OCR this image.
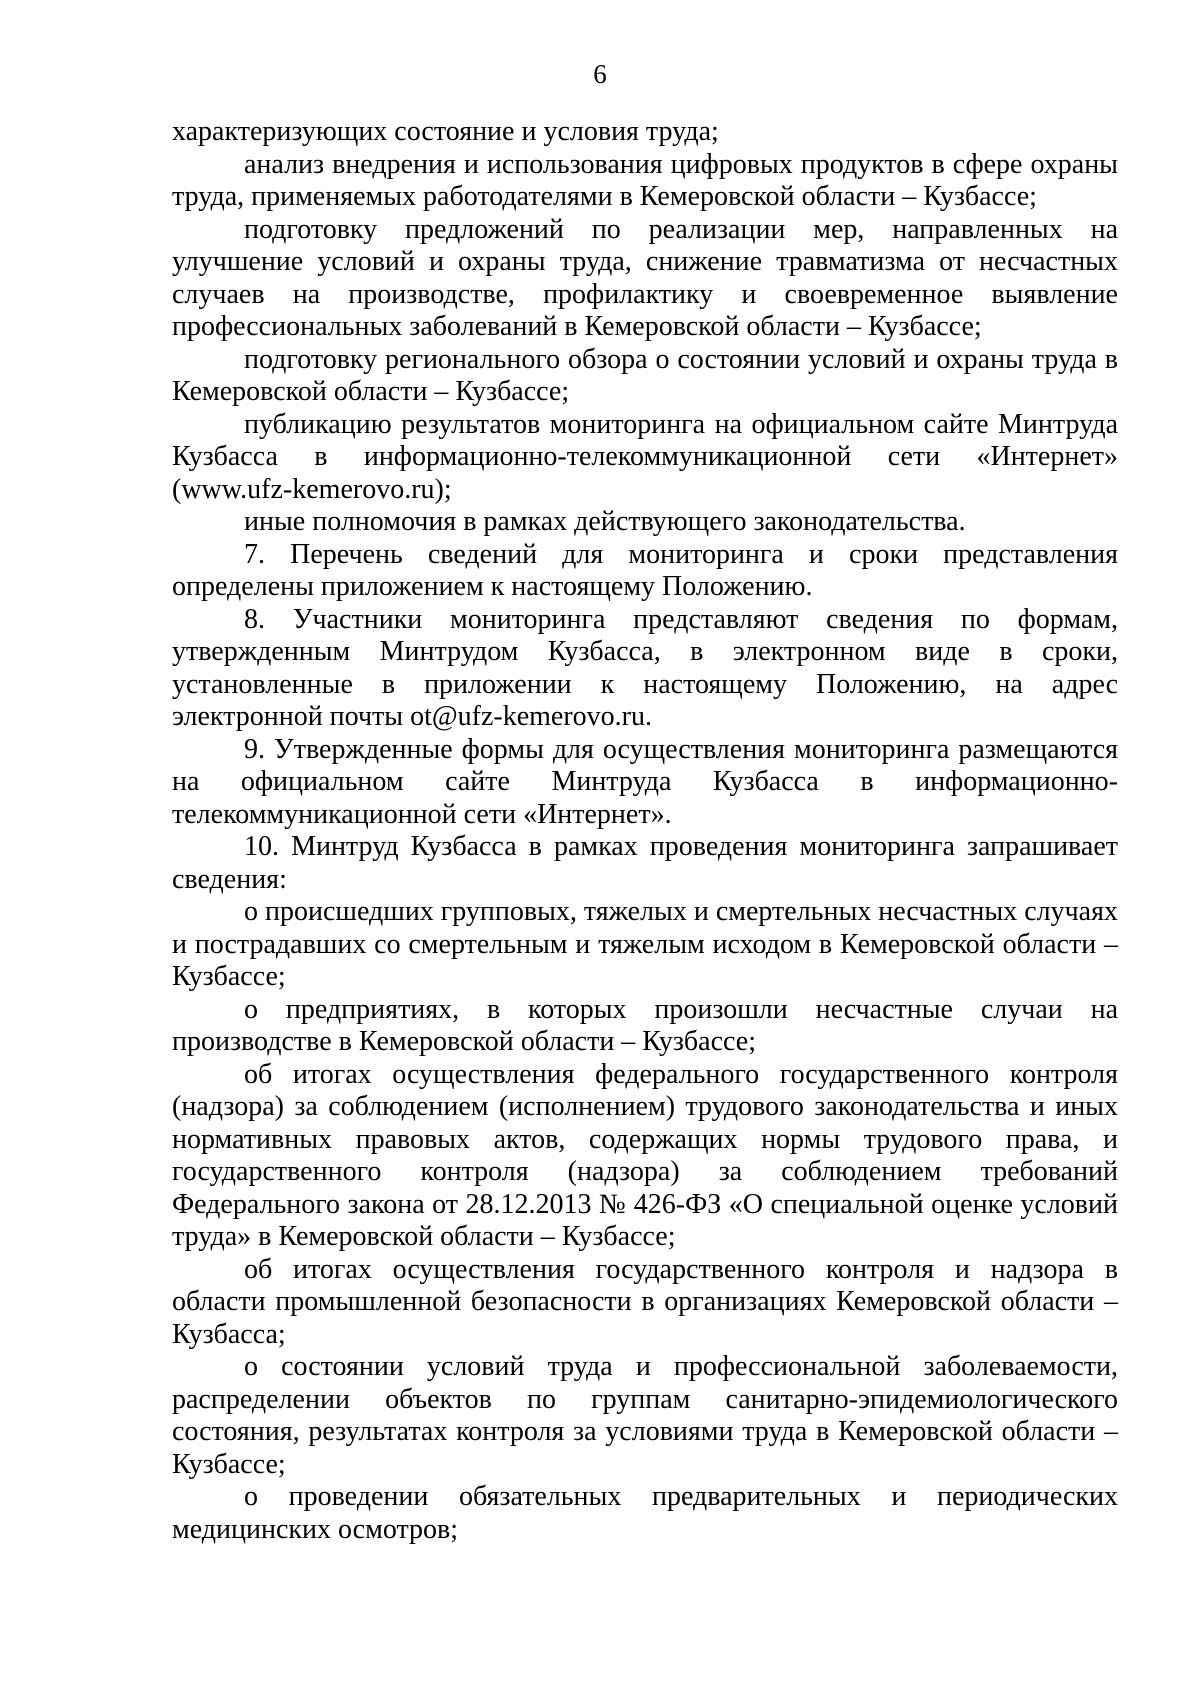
6

характеризующих состояние и условия труда;

анализ внедрения и использования цифровых продуктов в сфере охраны труда, применяемых работодателями в Кемеровской области – Кузбассе;

подготовку предложений по реализации мер, направленных на улучшение условий и охраны труда, снижение травматизма от несчастных случаев на производстве, профилактику и своевременное выявление профессиональных заболеваний в Кемеровской области – Кузбассе;

подготовку регионального обзора о состоянии условий и охраны труда в Кемеровской области – Кузбассе;

публикацию результатов мониторинга на официальном сайте Минтруда Кузбасса в информационно-телекоммуникационной сети «Интернет» (www.ufz-kemerovo.ru);

иные полномочия в рамках действующего законодательства.

7. Перечень сведений для мониторинга и сроки представления определены приложением к настоящему Положению.

8. Участники мониторинга представляют сведения по формам, утвержденным Минтрудом Кузбасса, в электронном виде в сроки, установленные в приложении к настоящему Положению, на адрес электронной почты ot@ufz-kemerovo.ru.

9. Утвержденные формы для осуществления мониторинга размещаются на официальном сайте Минтруда Кузбасса в информационно-телекоммуникационной сети «Интернет».

10. Минтруд Кузбасса в рамках проведения мониторинга запрашивает сведения:

о происшедших групповых, тяжелых и смертельных несчастных случаях и пострадавших со смертельным и тяжелым исходом в Кемеровской области – Кузбассе;

о предприятиях, в которых произошли несчастные случаи на производстве в Кемеровской области – Кузбассе;

об итогах осуществления федерального государственного контроля (надзора) за соблюдением (исполнением) трудового законодательства и иных нормативных правовых актов, содержащих нормы трудового права, и государственного контроля (надзора) за соблюдением требований Федерального закона от 28.12.2013 № 426-ФЗ «О специальной оценке условий труда» в Кемеровской области – Кузбассе;

об итогах осуществления государственного контроля и надзора в области промышленной безопасности в организациях Кемеровской области – Кузбасса;

о состоянии условий труда и профессиональной заболеваемости, распределении объектов по группам санитарно-эпидемиологического состояния, результатах контроля за условиями труда в Кемеровской области – Кузбассе;

о проведении обязательных предварительных и периодических медицинских осмотров;
